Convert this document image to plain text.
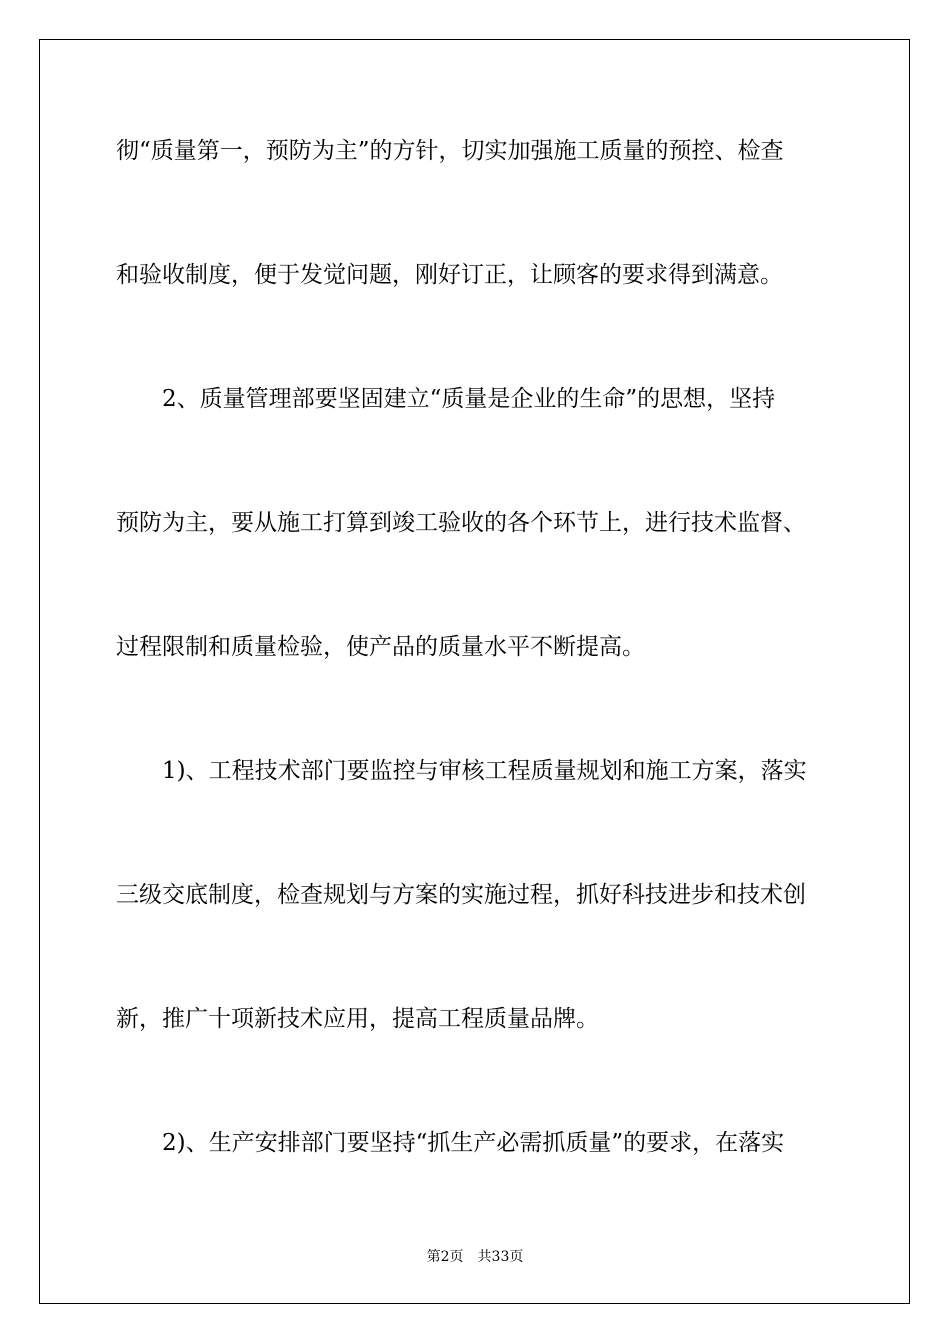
彻“质量第一，预防为主”的方针，切实加强施工质量的预控、检查
和验收制度，便于发觉问题，刚好订正，让顾客的要求得到满意。
2、质量管理部要坚固建立“质量是企业的生命”的思想，坚持
预防为主，要从施工打算到竣工验收的各个环节上，进行技术监督、
过程限制和质量检验，使产品的质量水平不断提高。
1)、工程技术部门要监控与审核工程质量规划和施工方案，落实
三级交底制度，检查规划与方案的实施过程，抓好科技进步和技术创
新，推广十项新技术应用，提高工程质量品牌。
2)、生产安排部门要坚持“抓生产必需抓质量”的要求，在落实
第2页 共33页
